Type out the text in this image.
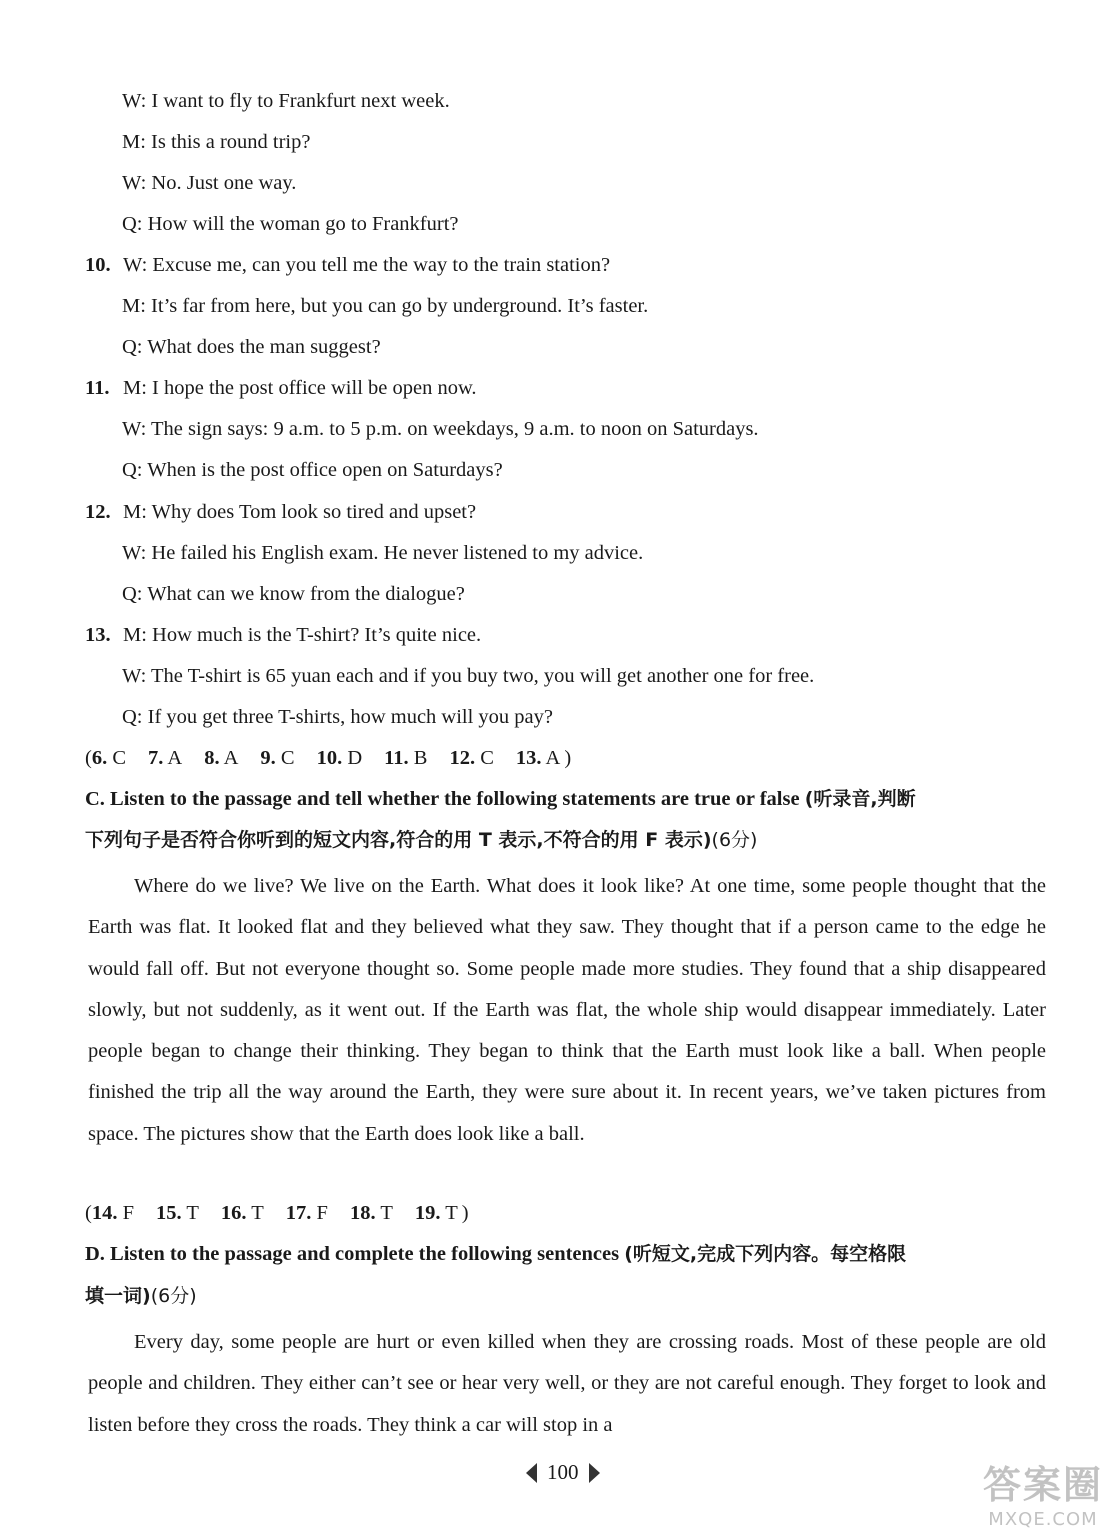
W: I want to fly to Frankfurt next week.
M: Is this a round trip?
W: No. Just one way.
Q: How will the woman go to Frankfurt?
10. W: Excuse me, can you tell me the way to the train station?
M: It’s far from here, but you can go by underground. It’s faster.
Q: What does the man suggest?
11. M: I hope the post office will be open now.
W: The sign says: 9 a.m. to 5 p.m. on weekdays, 9 a.m. to noon on Saturdays.
Q: When is the post office open on Saturdays?
12. M: Why does Tom look so tired and upset?
W: He failed his English exam. He never listened to my advice.
Q: What can we know from the dialogue?
13. M: How much is the T-shirt? It’s quite nice.
W: The T-shirt is 65 yuan each and if you buy two, you will get another one for free.
Q: If you get three T-shirts, how much will you pay?
(6. C 7. A 8. A 9. C 10. D 11. B 12. C 13. A )
C. Listen to the passage and tell whether the following statements are true or false (听录音,判断
下列句子是否符合你听到的短文内容,符合的用 T 表示,不符合的用 F 表示)(6分)
Where do we live? We live on the Earth. What does it look like? At one time, some people thought that the Earth was flat. It looked flat and they believed what they saw. They thought that if a person came to the edge he would fall off. But not everyone thought so. Some people made more studies. They found that a ship disappeared slowly, but not suddenly, as it went out. If the Earth was flat, the whole ship would disappear immediately. Later people began to change their thinking. They began to think that the Earth must look like a ball. When people finished the trip all the way around the Earth, they were sure about it. In recent years, we’ve taken pictures from space. The pictures show that the Earth does look like a ball.
(14. F 15. T 16. T 17. F 18. T 19. T )
D. Listen to the passage and complete the following sentences (听短文,完成下列内容。每空格限
填一词)(6分)
Every day, some people are hurt or even killed when they are crossing roads. Most of these people are old people and children. They either can’t see or hear very well, or they are not careful enough. They forget to look and listen before they cross the roads. They think a car will stop in a
100	答案圈
MXQE.COM
